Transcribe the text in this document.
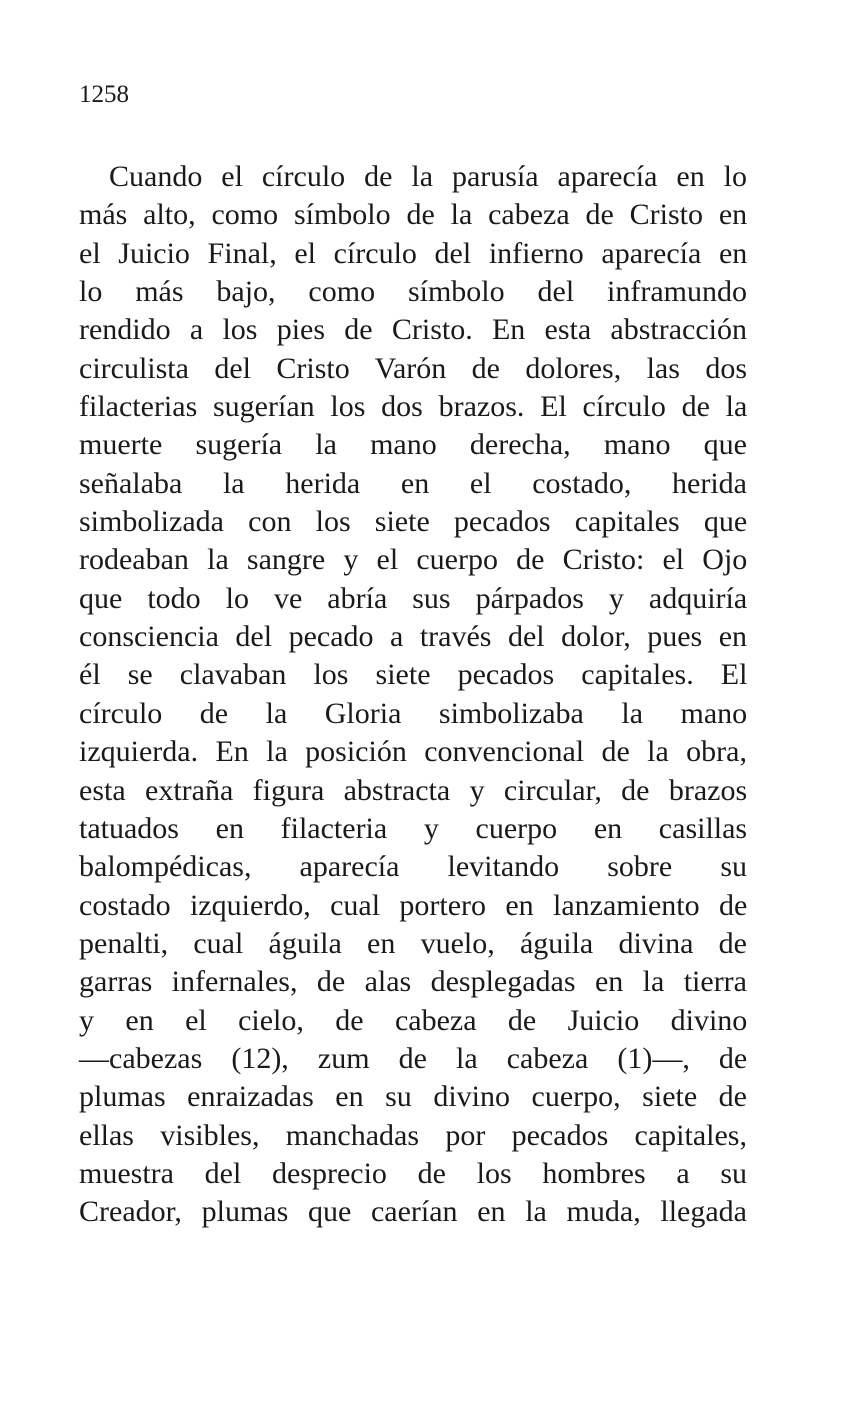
1258
Cuando el círculo de la parusía aparecía en lo
más alto, como símbolo de la cabeza de Cristo en
el Juicio Final, el círculo del infierno aparecía en
lo más bajo, como símbolo del inframundo
rendido a los pies de Cristo. En esta abstracción
circulista del Cristo Varón de dolores, las dos
filacterias sugerían los dos brazos. El círculo de la
muerte sugería la mano derecha, mano que
señalaba la herida en el costado, herida
simbolizada con los siete pecados capitales que
rodeaban la sangre y el cuerpo de Cristo: el Ojo
que todo lo ve abría sus párpados y adquiría
consciencia del pecado a través del dolor, pues en
él se clavaban los siete pecados capitales. El
círculo de la Gloria simbolizaba la mano
izquierda. En la posición convencional de la obra,
esta extraña figura abstracta y circular, de brazos
tatuados en filacteria y cuerpo en casillas
balompédicas, aparecía levitando sobre su
costado izquierdo, cual portero en lanzamiento de
penalti, cual águila en vuelo, águila divina de
garras infernales, de alas desplegadas en la tierra
y en el cielo, de cabeza de Juicio divino
—cabezas (12), zum de la cabeza (1)—, de
plumas enraizadas en su divino cuerpo, siete de
ellas visibles, manchadas por pecados capitales,
muestra del desprecio de los hombres a su
Creador, plumas que caerían en la muda, llegada
